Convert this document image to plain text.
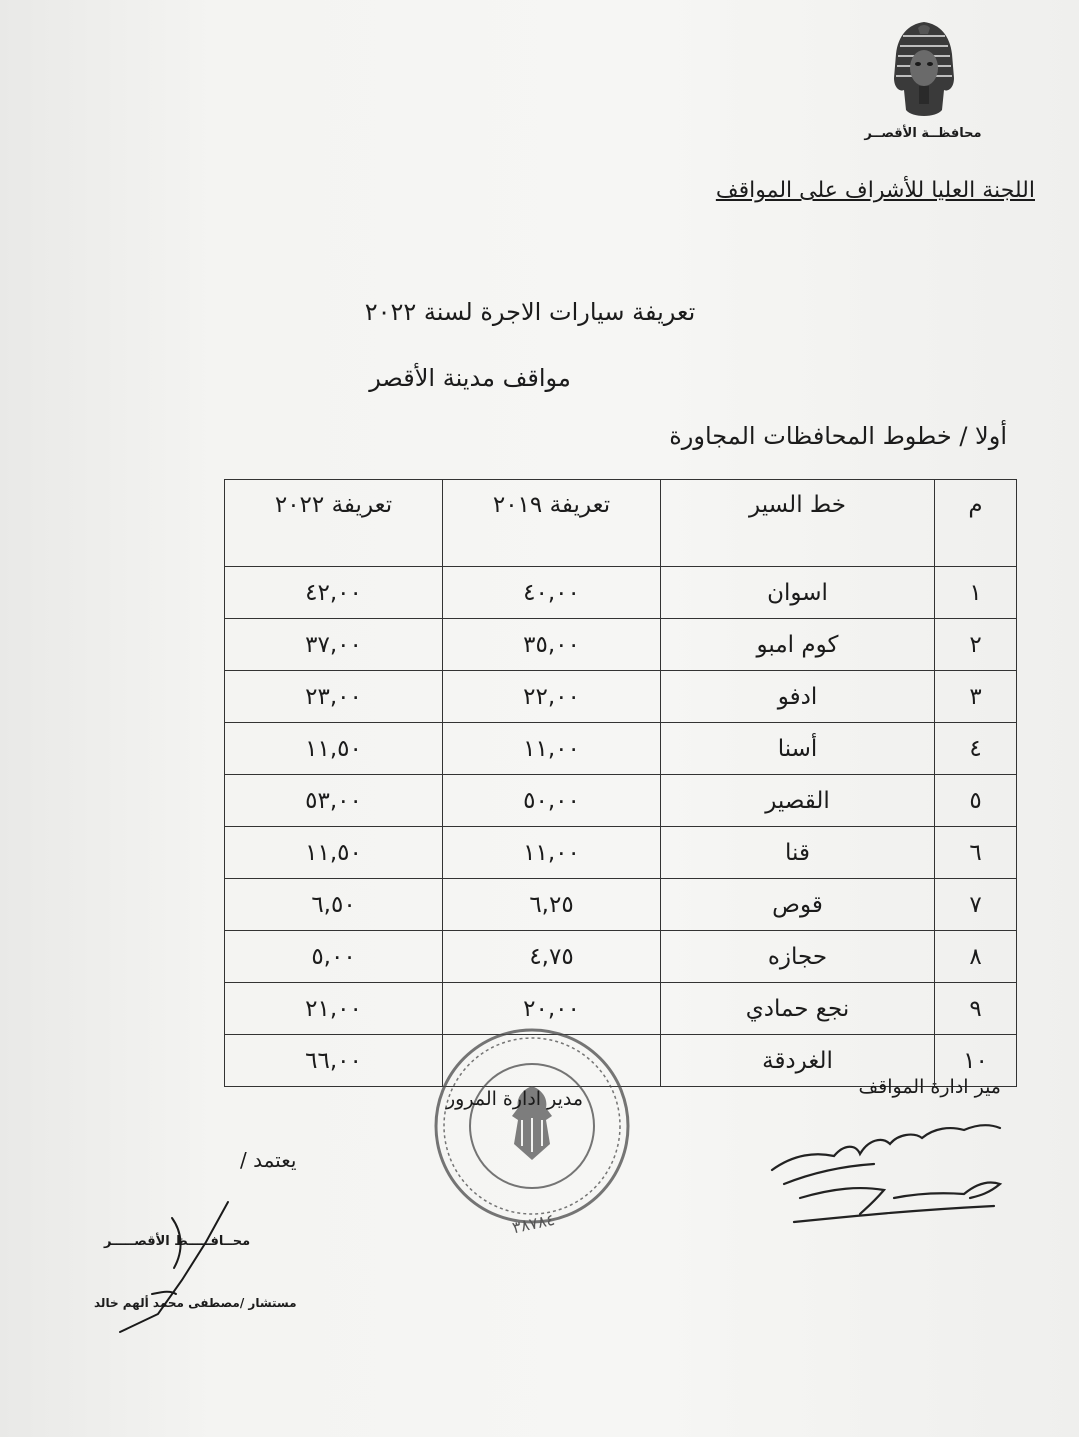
محافظــة الأقصــر
اللجنة العليا للأشراف على المواقف
تعريفة سيارات الاجرة لسنة ٢٠٢٢
مواقف مدينة الأقصر
أولا / خطوط المحافظات المجاورة
م	خط السير	تعريفة ٢٠١٩	تعريفة ٢٠٢٢
١	اسوان	٤٠,٠٠	٤٢,٠٠
٢	كوم امبو	٣٥,٠٠	٣٧,٠٠
٣	ادفو	٢٢,٠٠	٢٣,٠٠
٤	أسنا	١١,٠٠	١١,٥٠
٥	القصير	٥٠,٠٠	٥٣,٠٠
٦	قنا	١١,٠٠	١١,٥٠
٧	قوص	٦,٢٥	٦,٥٠
٨	حجازه	٤,٧٥	٥,٠٠
٩	نجع حمادي	٢٠,٠٠	٢١,٠٠
١٠	الغردقة		٦٦,٠٠
٣٨٧٨٤
مير ادارة المواقف
مدير ادارة المرور
يعتمد /
محــافـــــظ الأقصـــــر
مستشار /مصطفى محمد ألهم خالد
